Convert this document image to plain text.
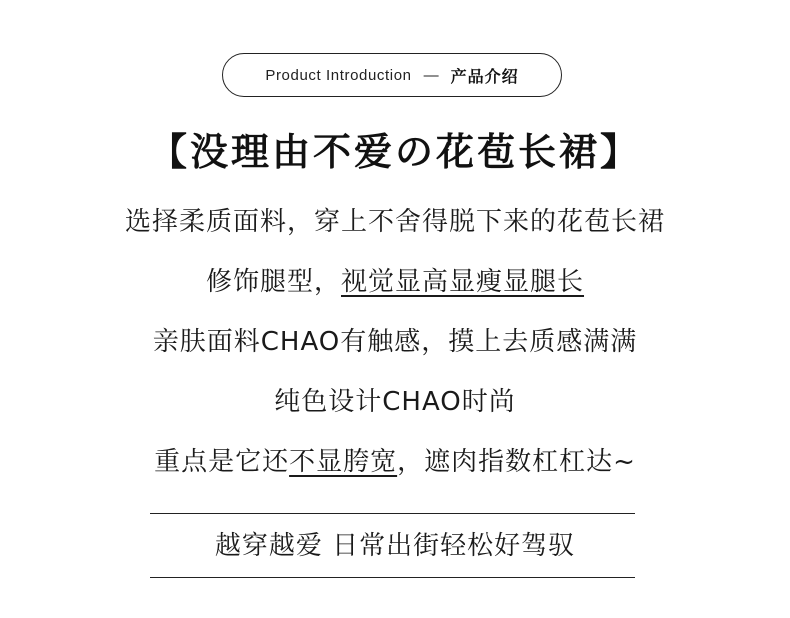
Product Introduction — 产品介绍
【没理由不爱の花苞长裙】
选择柔质面料，穿上不舍得脱下来的花苞长裙
修饰腿型，视觉显高显瘦显腿长
亲肤面料CHAO有触感，摸上去质感满满
纯色设计CHAO时尚
重点是它还不显胯宽，遮肉指数杠杠达~
越穿越爱 日常出街轻松好驾驭
